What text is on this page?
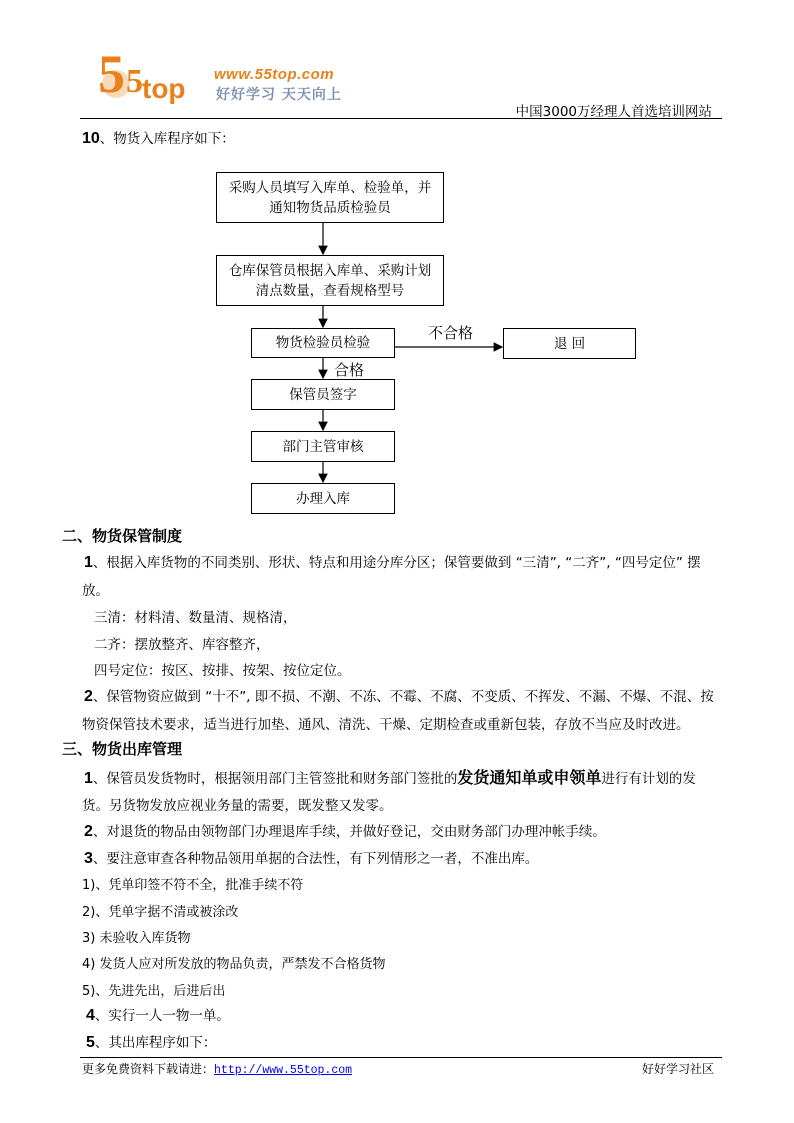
5 5 top www.55top.com
好好学习 天天向上
中国3000万经理人首选培训网站
10、物货入库程序如下：
采购人员填写入库单、检验单，并
通知物货品质检验员
仓库保管员根据入库单、采购计划
清点数量，查看规格型号
物货检验员检验	退 回
不合格
合格
保管员签字
部门主管审核
办理入库
二、物货保管制度
1、根据入库货物的不同类别、形状、特点和用途分库分区；保管要做到 “三清”, “二齐”, “四号定位” 摆
放。
三清：材料清、数量清、规格清，
二齐：摆放整齐、库容整齐，
四号定位：按区、按排、按架、按位定位。
2、保管物资应做到 “十不”, 即不损、不潮、不冻、不霉、不腐、不变质、不挥发、不漏、不爆、不混、按
物资保管技术要求，适当进行加垫、通风、清洗、干燥、定期检查或重新包装，存放不当应及时改进。
三、物货出库管理
1、保管员发货物时，根据领用部门主管签批和财务部门签批的发货通知单或申领单进行有计划的发
货。另货物发放应视业务量的需要，既发整又发零。
2、对退货的物品由领物部门办理退库手续，并做好登记，交由财务部门办理冲帐手续。
3、要注意审查各种物品领用单据的合法性，有下列情形之一者，不准出库。
1)、凭单印签不符不全，批准手续不符
2)、凭单字据不清或被涂改
3) 未验收入库货物
4) 发货人应对所发放的物品负责，严禁发不合格货物
5)、先进先出，后进后出
4、实行一人一物一单。
5、其出库程序如下：
更多免费资料下载请进：http://www.55top.com	好好学习社区
